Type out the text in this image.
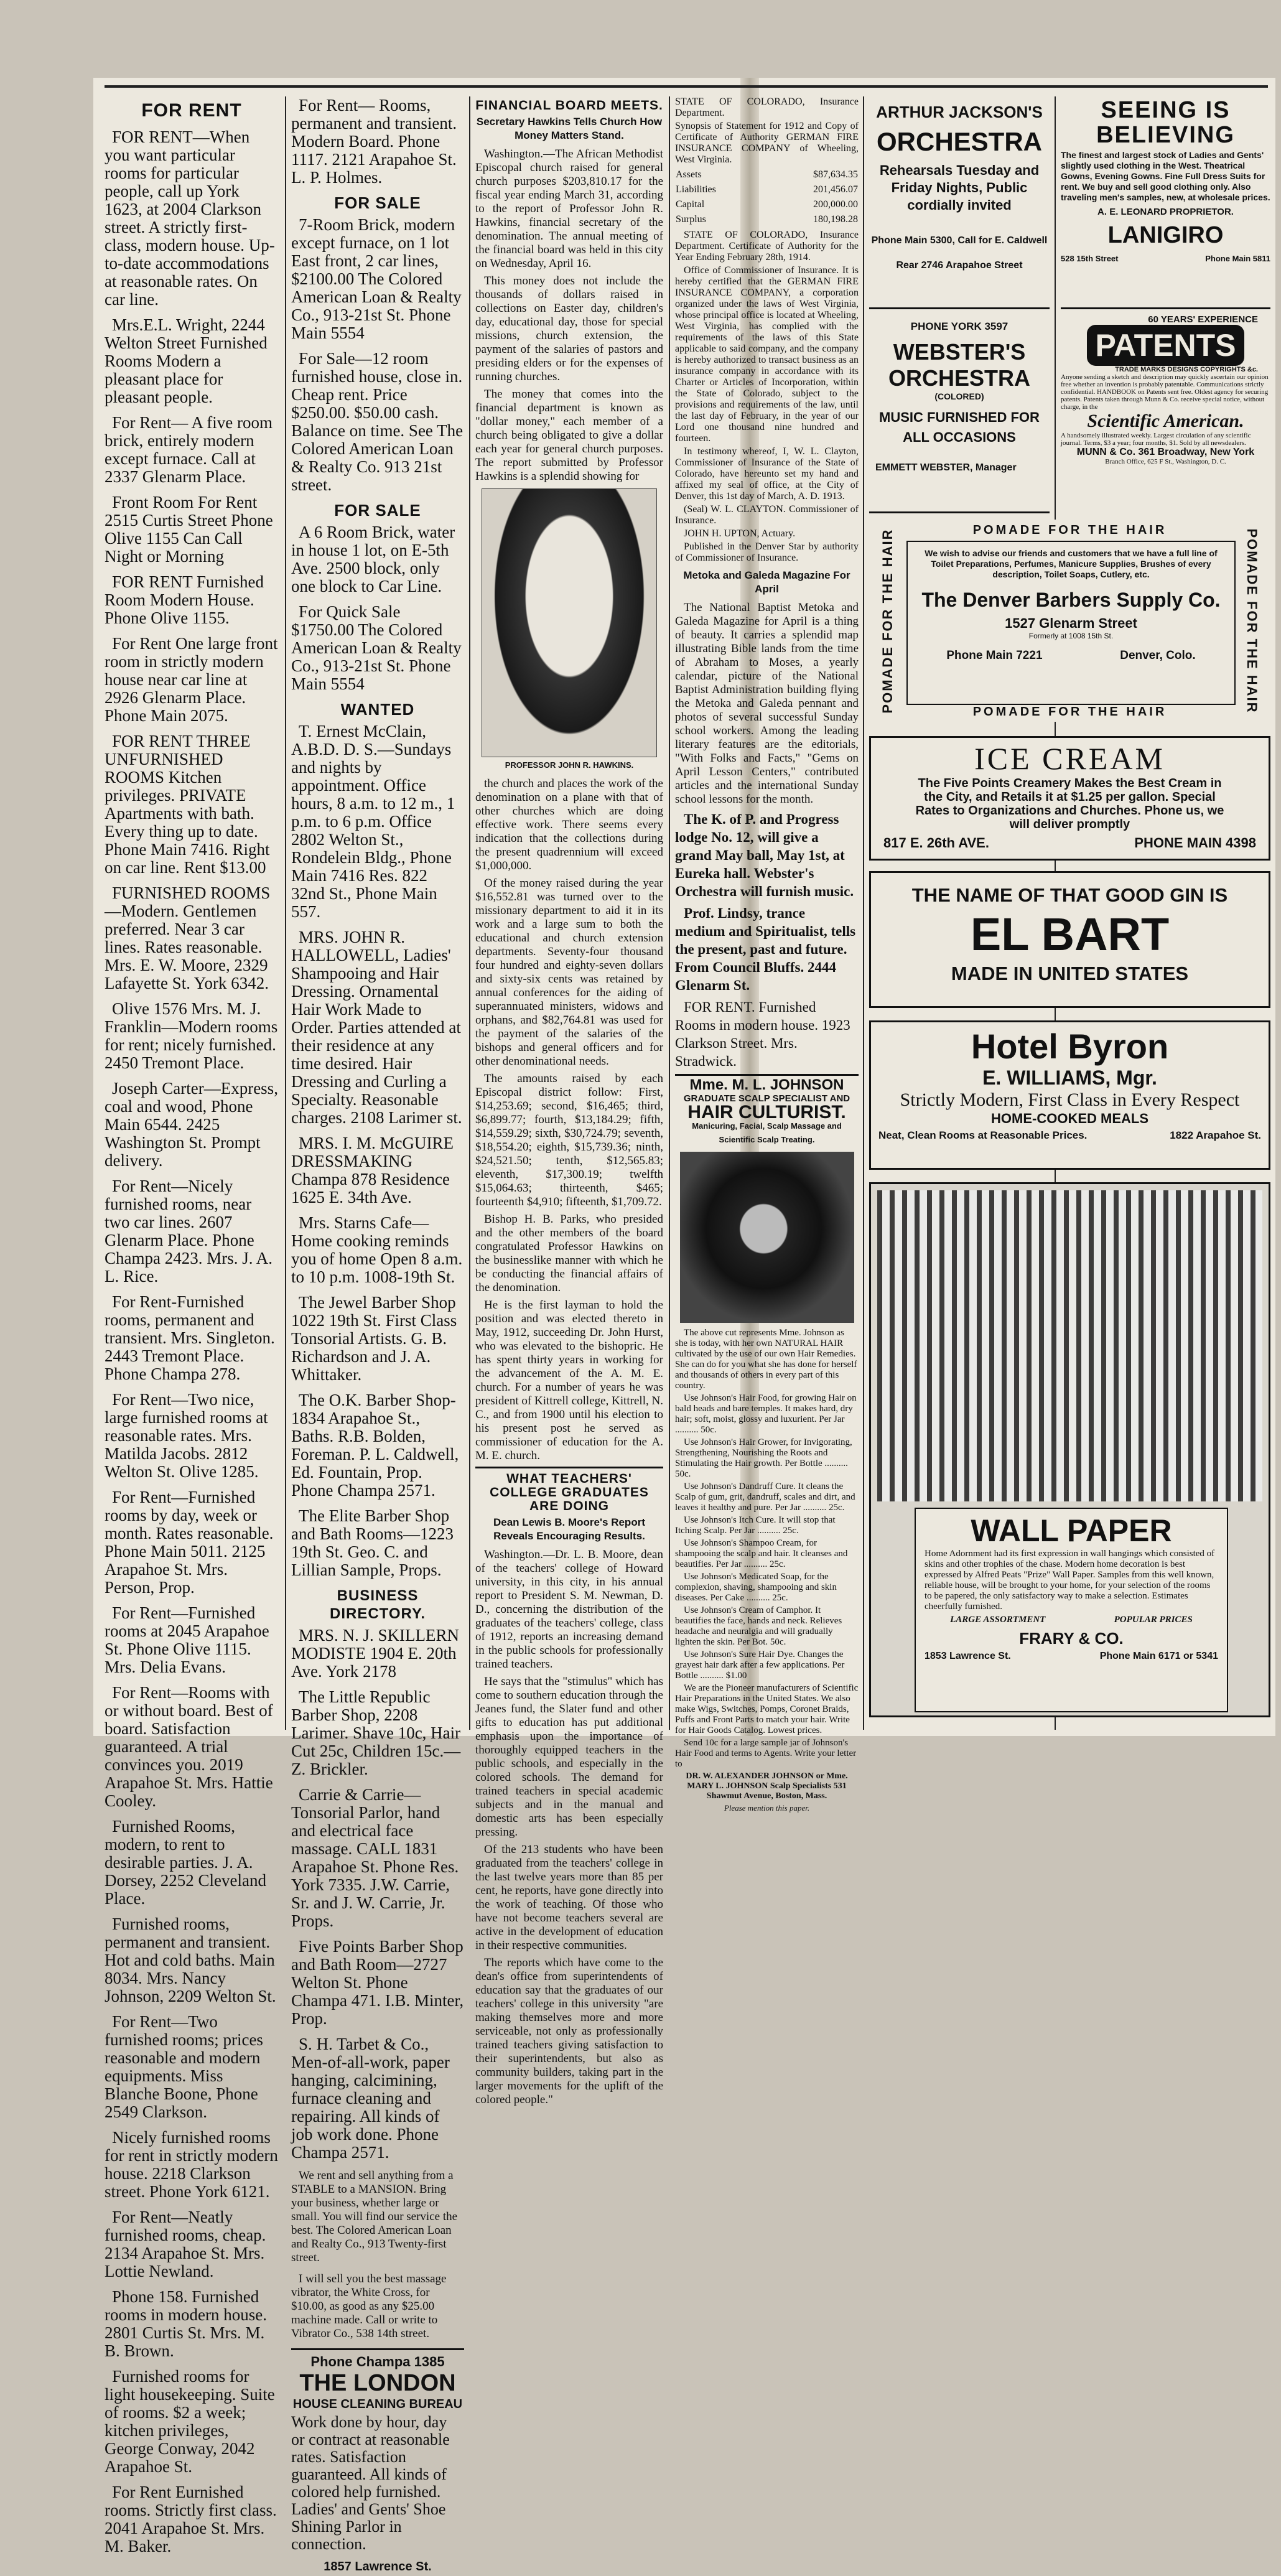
FOR RENT

FOR RENT—When you want particular rooms for particular people, call up York 1623, at 2004 Clarkson street. A strictly first-class, modern house. Up-to-date accommodations at reasonable rates. On car line.

Mrs.E.L. Wright, 2244 Welton Street Furnished Rooms Modern a pleasant place for pleasant people.

For Rent— A five room brick, entirely modern except furnace. Call at 2337 Glenarm Place.

Front Room For Rent 2515 Curtis Street Phone Olive 1155 Can Call Night or Morning

FOR RENT Furnished Room Modern House. Phone Olive 1155.

For Rent One large front room in strictly modern house near car line at 2926 Glenarm Place. Phone Main 2075.

FOR RENT THREE UNFURNISHED ROOMS Kitchen privileges. PRIVATE Apartments with bath. Every thing up to date. Phone Main 7416. Right on car line. Rent $13.00

FURNISHED ROOMS—Modern. Gentlemen preferred. Near 3 car lines. Rates reasonable. Mrs. E. W. Moore, 2329 Lafayette St. York 6342.

Olive 1576 Mrs. M. J. Franklin—Modern rooms for rent; nicely furnished. 2450 Tremont Place.

Joseph Carter—Express, coal and wood, Phone Main 6544. 2425 Washington St. Prompt delivery.

For Rent—Nicely furnished rooms, near two car lines. 2607 Glenarm Place. Phone Champa 2423. Mrs. J. A. L. Rice.

For Rent-Furnished rooms, permanent and transient. Mrs. Singleton. 2443 Tremont Place. Phone Champa 278.

For Rent—Two nice, large furnished rooms at reasonable rates. Mrs. Matilda Jacobs. 2812 Welton St. Olive 1285.

For Rent—Furnished rooms by day, week or month. Rates reasonable. Phone Main 5011. 2125 Arapahoe St. Mrs. Person, Prop.

For Rent—Furnished rooms at 2045 Arapahoe St. Phone Olive 1115. Mrs. Delia Evans.

For Rent—Rooms with or without board. Best of board. Satisfaction guaranteed. A trial convinces you. 2019 Arapahoe St. Mrs. Hattie Cooley.

Furnished Rooms, modern, to rent to desirable parties. J. A. Dorsey, 2252 Cleveland Place.

Furnished rooms, permanent and transient. Hot and cold baths. Main 8034. Mrs. Nancy Johnson, 2209 Welton St.

For Rent—Two furnished rooms; prices reasonable and modern equipments. Miss Blanche Boone, Phone 2549 Clarkson.

Nicely furnished rooms for rent in strictly modern house. 2218 Clarkson street. Phone York 6121.

For Rent—Neatly furnished rooms, cheap. 2134 Arapahoe St. Mrs. Lottie Newland.

Phone 158. Furnished rooms in modern house. 2801 Curtis St. Mrs. M. B. Brown.

Furnished rooms for light housekeeping. Suite of rooms. $2 a week; kitchen privileges, George Conway, 2042 Arapahoe St.

For Rent Eurnished rooms. Strictly first class. 2041 Arapahoe St. Mrs. M. Baker.

For Rent— Rooms, permanent and transient. Modern Board. Phone 1117. 2121 Arapahoe St. L. P. Holmes.

FOR SALE

7-Room Brick, modern except furnace, on 1 lot East front, 2 car lines, $2100.00 The Colored American Loan & Realty Co., 913-21st St. Phone Main 5554

For Sale—12 room furnished house, close in. Cheap rent. Price $250.00. $50.00 cash. Balance on time. See The Colored American Loan & Realty Co. 913 21st street.

FOR SALE

A 6 Room Brick, water in house 1 lot, on E-5th Ave. 2500 block, only one block to Car Line.

For Quick Sale $1750.00 The Colored American Loan & Realty Co., 913-21st St. Phone Main 5554

WANTED

T. Ernest McClain, A.B.D. D. S.—Sundays and nights by appointment. Office hours, 8 a.m. to 12 m., 1 p.m. to 6 p.m. Office 2802 Welton St., Rondelein Bldg., Phone Main 7416 Res. 822 32nd St., Phone Main 557.

MRS. JOHN R. HALLOWELL, Ladies' Shampooing and Hair Dressing. Ornamental Hair Work Made to Order. Parties attended at their residence at any time desired. Hair Dressing and Curling a Specialty. Reasonable charges. 2108 Larimer st.

MRS. I. M. McGUIRE DRESSMAKING Champa 878 Residence 1625 E. 34th Ave.

Mrs. Starns Cafe—Home cooking reminds you of home Open 8 a.m. to 10 p.m. 1008-19th St.

The Jewel Barber Shop 1022 19th St. First Class Tonsorial Artists. G. B. Richardson and J. A. Whittaker.

The O.K. Barber Shop-1834 Arapahoe St., Baths. R.B. Bolden, Foreman. P. L. Caldwell, Ed. Fountain, Prop. Phone Champa 2571.

The Elite Barber Shop and Bath Rooms—1223 19th St. Geo. C. and Lillian Sample, Props.

BUSINESS DIRECTORY.

MRS. N. J. SKILLERN MODISTE 1904 E. 20th Ave. York 2178

The Little Republic Barber Shop, 2208 Larimer. Shave 10c, Hair Cut 25c, Children 15c.—Z. Brickler.

Carrie & Carrie—Tonsorial Parlor, hand and electrical face massage. CALL 1831 Arapahoe St. Phone Res. York 7335. J.W. Carrie, Sr. and J. W. Carrie, Jr. Props.

Five Points Barber Shop and Bath Room—2727 Welton St. Phone Champa 471. I.B. Minter, Prop.

S. H. Tarbet & Co., Men-of-all-work, paper hanging, calcimining, furnace cleaning and repairing. All kinds of job work done. Phone Champa 2571.

We rent and sell anything from a STABLE to a MANSION. Bring your business, whether large or small. You will find our service the best. The Colored American Loan and Realty Co., 913 Twenty-first street.

I will sell you the best massage vibrator, the White Cross, for $10.00, as good as any $25.00 machine made. Call or write to Vibrator Co., 538 14th street.

Phone Champa 1385
THE LONDON
HOUSE CLEANING BUREAU
Work done by hour, day or contract at reasonable rates. Satisfaction guaranteed. All kinds of colored help furnished. Ladies' and Gents' Shoe Shining Parlor in connection.
1857 Lawrence St.
FINANCIAL BOARD MEETS.
Secretary Hawkins Tells Church How Money Matters Stand.

Washington.—The African Methodist Episcopal church raised for general church purposes $203,810.17 for the fiscal year ending March 31, according to the report of Professor John R. Hawkins, financial secretary of the denomination. The annual meeting of the financial board was held in this city on Wednesday, April 16.

This money does not include the thousands of dollars raised in collections on Easter day, children's day, educational day, those for special missions, church extension, the payment of the salaries of pastors and presiding elders or for the expenses of running churches.

The money that comes into the financial department is known as "dollar money," each member of a church being obligated to give a dollar each year for general church purposes. The report submitted by Professor Hawkins is a splendid showing for

PROFESSOR JOHN R. HAWKINS.

the church and places the work of the denomination on a plane with that of other churches which are doing effective work. There seems every indication that the collections during the present quadrennium will exceed $1,000,000.

Of the money raised during the year $16,552.81 was turned over to the missionary department to aid it in its work and a large sum to both the educational and church extension departments. Seventy-four thousand four hundred and eighty-seven dollars and sixty-six cents was retained by annual conferences for the aiding of superannuated ministers, widows and orphans, and $82,764.81 was used for the payment of the salaries of the bishops and general officers and for other denominational needs.

The amounts raised by each Episcopal district follow: First, $14,253.69; second, $16,465; third, $6,899.77; fourth, $13,184.29; fifth, $14,559.29; sixth, $30,724.79; seventh, $18,554.20; eighth, $15,739.36; ninth, $24,521.50; tenth, $12,565.83; eleventh, $17,300.19; twelfth $15,064.63; thirteenth, $465; fourteenth $4,910; fifteenth, $1,709.72.

Bishop H. B. Parks, who presided and the other members of the board congratulated Professor Hawkins on the businesslike manner with which he be conducting the financial affairs of the denomination.

He is the first layman to hold the position and was elected thereto in May, 1912, succeeding Dr. John Hurst, who was elevated to the bishopric. He has spent thirty years in working for the advancement of the A. M. E. church. For a number of years he was president of Kittrell college, Kittrell, N. C., and from 1900 until his election to his present post he served as commissioner of education for the A. M. E. church.

WHAT TEACHERS' COLLEGE GRADUATES ARE DOING
Dean Lewis B. Moore's Report Reveals Encouraging Results.

Washington.—Dr. L. B. Moore, dean of the teachers' college of Howard university, in this city, in his annual report to President S. M. Newman, D. D., concerning the distribution of the graduates of the teachers' college, class of 1912, reports an increasing demand in the public schools for professionally trained teachers.

He says that the "stimulus" which has come to southern education through the Jeanes fund, the Slater fund and other gifts to education has put additional emphasis upon the importance of thoroughly equipped teachers in the public schools, and especially in the colored schools. The demand for trained teachers in special academic subjects and in the manual and domestic arts has been especially pressing.

Of the 213 students who have been graduated from the teachers' college in the last twelve years more than 85 per cent, he reports, have gone directly into the work of teaching. Of those who have not become teachers several are active in the development of education in their respective communities.

The reports which have come to the dean's office from superintendents of education say that the graduates of our teachers' college in this university "are making themselves more and more serviceable, not only as professionally trained teachers giving satisfaction to their superintendents, but also as community builders, taking part in the larger movements for the uplift of the colored people."

STATE OF COLORADO, Insurance Department.

Synopsis of Statement for 1912 and Copy of Certificate of Authority GERMAN FIRE INSURANCE COMPANY of Wheeling, West Virginia.

Assets	$87,634.35
Liabilities	201,456.07
Capital	200,000.00
Surplus	180,198.28

STATE OF COLORADO, Insurance Department. Certificate of Authority for the Year Ending February 28th, 1914.

Office of Commissioner of Insurance. It is hereby certified that the GERMAN FIRE INSURANCE COMPANY, a corporation organized under the laws of West Virginia, whose principal office is located at Wheeling, West Virginia, has complied with the requirements of the laws of this State applicable to said company, and the company is hereby authorized to transact business as an insurance company in accordance with its Charter or Articles of Incorporation, within the State of Colorado, subject to the provisions and requirements of the law, until the last day of February, in the year of our Lord one thousand nine hundred and fourteen.

In testimony whereof, I, W. L. Clayton, Commissioner of Insurance of the State of Colorado, have hereunto set my hand and affixed my seal of office, at the City of Denver, this 1st day of March, A. D. 1913.

(Seal) W. L. CLAYTON. Commissioner of Insurance.

JOHN H. UPTON, Actuary.

Published in the Denver Star by authority of Commissioner of Insurance.

Metoka and Galeda Magazine For April

The National Baptist Metoka and Galeda Magazine for April is a thing of beauty. It carries a splendid map illustrating Bible lands from the time of Abraham to Moses, a yearly calendar, picture of the National Baptist Administration building flying the Metoka and Galeda pennant and photos of several successful Sunday school workers. Among the leading literary features are the editorials, "With Folks and Facts," "Gems on April Lesson Centers," contributed articles and the international Sunday school lessons for the month.

The K. of P. and Progress lodge No. 12, will give a grand May ball, May 1st, at Eureka hall. Webster's Orchestra will furnish music.

Prof. Lindsy, trance medium and Spiritualist, tells the present, past and future. From Council Bluffs. 2444 Glenarm St.

FOR RENT. Furnished Rooms in modern house. 1923 Clarkson Street. Mrs. Stradwick.

Mme. M. L. JOHNSON
GRADUATE SCALP SPECIALIST AND
HAIR CULTURIST.
Manicuring, Facial, Scalp Massage and Scientific Scalp Treating.

The above cut represents Mme. Johnson as she is today, with her own NATURAL HAIR cultivated by the use of our own Hair Remedies. She can do for you what she has done for herself and thousands of others in every part of this country.

Use Johnson's Hair Food, for growing Hair on bald heads and bare temples. It makes hard, dry hair; soft, moist, glossy and luxurient. Per Jar .......... 50c.

Use Johnson's Hair Grower, for Invigorating, Strengthening, Nourishing the Roots and Stimulating the Hair growth. Per Bottle .......... 50c.

Use Johnson's Dandruff Cure. It cleans the Scalp of gum, grit, dandruff, scales and dirt, and leaves it healthy and pure. Per Jar .......... 25c.

Use Johnson's Itch Cure. It will stop that Itching Scalp. Per Jar .......... 25c.

Use Johnson's Shampoo Cream, for shampooing the scalp and hair. It cleanses and beautifies. Per Jar .......... 25c.

Use Johnson's Medicated Soap, for the complexion, shaving, shampooing and skin diseases. Per Cake .......... 25c.

Use Johnson's Cream of Camphor. It beautifies the face, hands and neck. Relieves headache and neuralgia and will gradually lighten the skin. Per Bot. 50c.

Use Johnson's Sure Hair Dye. Changes the grayest hair dark after a few applications. Per Bottle .......... $1.00

We are the Pioneer manufacturers of Scientific Hair Preparations in the United States. We also make Wigs, Switches, Pomps, Coronet Braids, Puffs and Front Parts to match your hair. Write for Hair Goods Catalog. Lowest prices.

Send 10c for a large sample jar of Johnson's Hair Food and terms to Agents. Write your letter to

DR. W. ALEXANDER JOHNSON or Mme. MARY L. JOHNSON Scalp Specialists 531 Shawmut Avenue, Boston, Mass.
Please mention this paper.
ARTHUR JACKSON'S
ORCHESTRA
Rehearsals Tuesday and Friday Nights, Public cordially invited
Phone Main 5300, Call for E. Caldwell
Rear 2746 Arapahoe Street
PHONE YORK 3597
WEBSTER'S
ORCHESTRA
(COLORED)
MUSIC FURNISHED FOR ALL OCCASIONS
EMMETT WEBSTER, Manager
POMADE FOR THE HAIR
POMADE FOR THE HAIR	POMADE FOR THE HAIR
We wish to advise our friends and customers that we have a full line of Toilet Preparations, Perfumes, Manicure Supplies, Brushes of every description, Toilet Soaps, Cutlery, etc.
The Denver Barbers Supply Co.
1527 Glenarm Street
Formerly at 1008 15th St.
Phone Main 7221	Denver, Colo.
POMADE FOR THE HAIR
ICE CREAM
The Five Points Creamery Makes the Best Cream in the City, and Retails it at $1.25 per gallon. Special Rates to Organizations and Churches. Phone us, we will deliver promptly
817 E. 26th AVE.	PHONE MAIN 4398
THE NAME OF THAT GOOD GIN IS
EL BART
MADE IN UNITED STATES
Hotel Byron
E. WILLIAMS, Mgr.
Strictly Modern, First Class in Every Respect
HOME-COOKED MEALS
Neat, Clean Rooms at Reasonable Prices.	1822 Arapahoe St.
WALL PAPER
Home Adornment had its first expression in wall hangings which consisted of skins and other trophies of the chase. Modern home decoration is best expressed by Alfred Peats "Prize" Wall Paper. Samples from this well known, reliable house, will be brought to your home, for your selection of the rooms to be papered, the only satisfactory way to make a selection. Estimates cheerfully furnished.
LARGE ASSORTMENT	POPULAR PRICES
FRARY & CO.
1853 Lawrence St.	Phone Main 6171 or 5341
SEEING IS BELIEVING
The finest and largest stock of Ladies and Gents' slightly used clothing in the West. Theatrical Gowns, Evening Gowns. Fine Full Dress Suits for rent. We buy and sell good clothing only. Also traveling men's samples, new, at wholesale prices.
A. E. LEONARD PROPRIETOR.
LANIGIRO
528 15th Street	Phone Main 5811
60 YEARS' EXPERIENCE
PATENTS
TRADE MARKS DESIGNS COPYRIGHTS &c.
Anyone sending a sketch and description may quickly ascertain our opinion free whether an invention is probably patentable. Communications strictly confidential. HANDBOOK on Patents sent free. Oldest agency for securing patents. Patents taken through Munn & Co. receive special notice, without charge, in the
Scientific American.
A handsomely illustrated weekly. Largest circulation of any scientific journal. Terms, $3 a year; four months, $1. Sold by all newsdealers.
MUNN & Co. 361 Broadway, New York
Branch Office, 625 F St., Washington, D. C.
